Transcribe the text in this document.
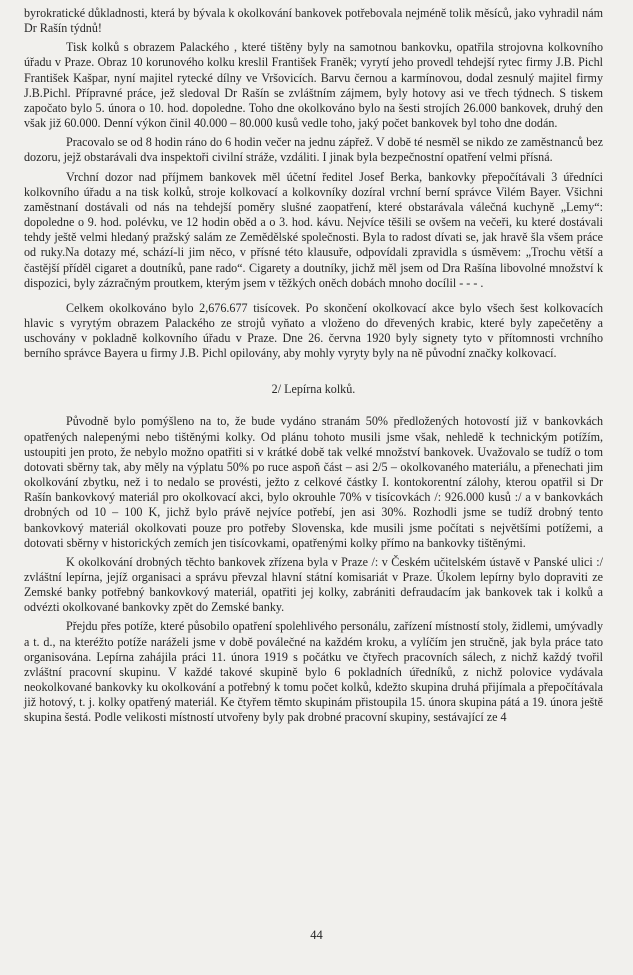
byrokratické důkladnosti, která by bývala k okolkování bankovek potřebovala nejméně tolik měsíců, jako vyhradil nám Dr Rašín týdnů!

Tisk kolků s obrazem Palackého , které tištěny byly na samotnou bankovku, opatřila strojovna kolkovního úřadu v Praze. Obraz 10 korunového kolku kreslil František Franěk; vyrytí jeho provedl tehdejší rytec firmy J.B. Pichl František Kašpar, nyní majitel rytecké dílny ve Vršovicích. Barvu černou a karmínovou, dodal zesnulý majitel firmy J.B.Pichl. Přípravné práce, jež sledoval Dr Rašín se zvláštním zájmem, byly hotovy asi ve třech týdnech. S tiskem započato bylo 5. února o 10. hod. dopoledne. Toho dne okolkováno bylo na šesti strojích 26.000 bankovek, druhý den však již 60.000. Denní výkon činil 40.000 – 80.000 kusů vedle toho, jaký počet bankovek byl toho dne dodán.

Pracovalo se od 8 hodin ráno do 6 hodin večer na jednu zápřež. V době té nesměl se nikdo ze zaměstnanců bez dozoru, jejž obstarávali dva inspektoři civilní stráže, vzdáliti. I jinak byla bezpečnostní opatření velmi přísná.

Vrchní dozor nad příjmem bankovek měl účetní ředitel Josef Berka, bankovky přepočítávali 3 úředníci kolkovního úřadu a na tisk kolků, stroje kolkovací a kolkovníky dozíral vrchní berní správce Vilém Bayer. Všichni zaměstnaní dostávali od nás na tehdejší poměry slušné zaopatření, které obstarávala válečná kuchyně „Lemy“: dopoledne o 9. hod. polévku, ve 12 hodin oběd a o 3. hod. kávu. Nejvíce těšili se ovšem na večeři, ku které dostávali tehdy ještě velmi hledaný pražský salám ze Zemědělské společnosti. Byla to radost dívati se, jak hravě šla všem práce od ruky.Na dotazy mé, schází-li jim něco, v přísné této klausuře, odpovídali zpravidla s úsměvem: „Trochu větší a častější příděl cigaret a doutníků, pane rado“. Cigarety a doutníky, jichž měl jsem od Dra Rašína libovolné množství k dispozici, byly zázračným proutkem, kterým jsem v těžkých oněch dobách mnoho docílil - - - .

Celkem okolkováno bylo 2,676.677 tisícovek. Po skončení okolkovací akce bylo všech šest kolkovacích hlavic s vyrytým obrazem Palackého ze strojů vyňato a vloženo do dřevených krabic, které byly zapečetěny a uschovány v pokladně kolkovního úřadu v Praze. Dne 26. června 1920 byly signety tyto v přítomnosti vrchního berního správce Bayera u firmy J.B. Pichl opilovány, aby mohly vyryty byly na ně původní značky kolkovací.

2/ Lepírna kolků.

Původně bylo pomýšleno na to, že bude vydáno stranám 50% předložených hotovostí již v bankovkách opatřených nalepenými nebo tištěnými kolky. Od plánu tohoto musili jsme však, nehledě k technickým potížím, ustoupiti jen proto, že nebylo možno opatřiti si v krátké době tak velké množství bankovek. Uvažovalo se tudíž o tom dotovati sběrny tak, aby měly na výplatu 50% po ruce aspoň část – asi 2/5 – okolkovaného materiálu, a přenechati jim okolkování zbytku, než i to nedalo se provésti, ježto z celkové částky I. kontokorentní zálohy, kterou opatřil si Dr Rašín bankovkový materiál pro okolkovací akci, bylo okrouhle 70% v tisícovkách /: 926.000 kusů :/ a v bankovkách drobných od 10 – 100 K, jichž bylo právě nejvíce potřebí, jen asi 30%. Rozhodli jsme se tudíž drobný tento bankovkový materiál okolkovati pouze pro potřeby Slovenska, kde musili jsme počítati s největšími potížemi, a dotovati sběrny v historických zemích jen tisícovkami, opatřenými kolky přímo na bankovky tištěnými.

K okolkování drobných těchto bankovek zřízena byla v Praze /: v Českém učitelském ústavě v Panské ulici :/ zvláštní lepírna, jejíž organisaci a správu převzal hlavní státní komisariát v Praze. Úkolem lepírny bylo dopraviti ze Zemské banky potřebný bankovkový materiál, opatřiti jej kolky, zabrániti defraudacím jak bankovek tak i kolků a odvézti okolkované bankovky zpět do Zemské banky.

Přejdu přes potíže, které působilo opatření spolehlivého personálu, zařízení místností stoly, židlemi, umývadly a t. d., na kteréžto potíže naráželi jsme v době poválečné na každém kroku, a vylíčím jen stručně, jak byla práce tato organisována. Lepírna zahájila práci 11. února 1919 s počátku ve čtyřech pracovních sálech, z nichž každý tvořil zvláštní pracovní skupinu. V každé takové skupině bylo 6 pokladních úředníků, z nichž polovice vydávala neokolkované bankovky ku okolkování a potřebný k tomu počet kolků, kdežto skupina druhá přijímala a přepočítávala již hotový, t. j. kolky opatřený materiál. Ke čtyřem těmto skupinám přistoupila 15. února skupina pátá a 19. února ještě skupina šestá. Podle velikosti místností utvořeny byly pak drobné pracovní skupiny, sestávající ze 4

44
